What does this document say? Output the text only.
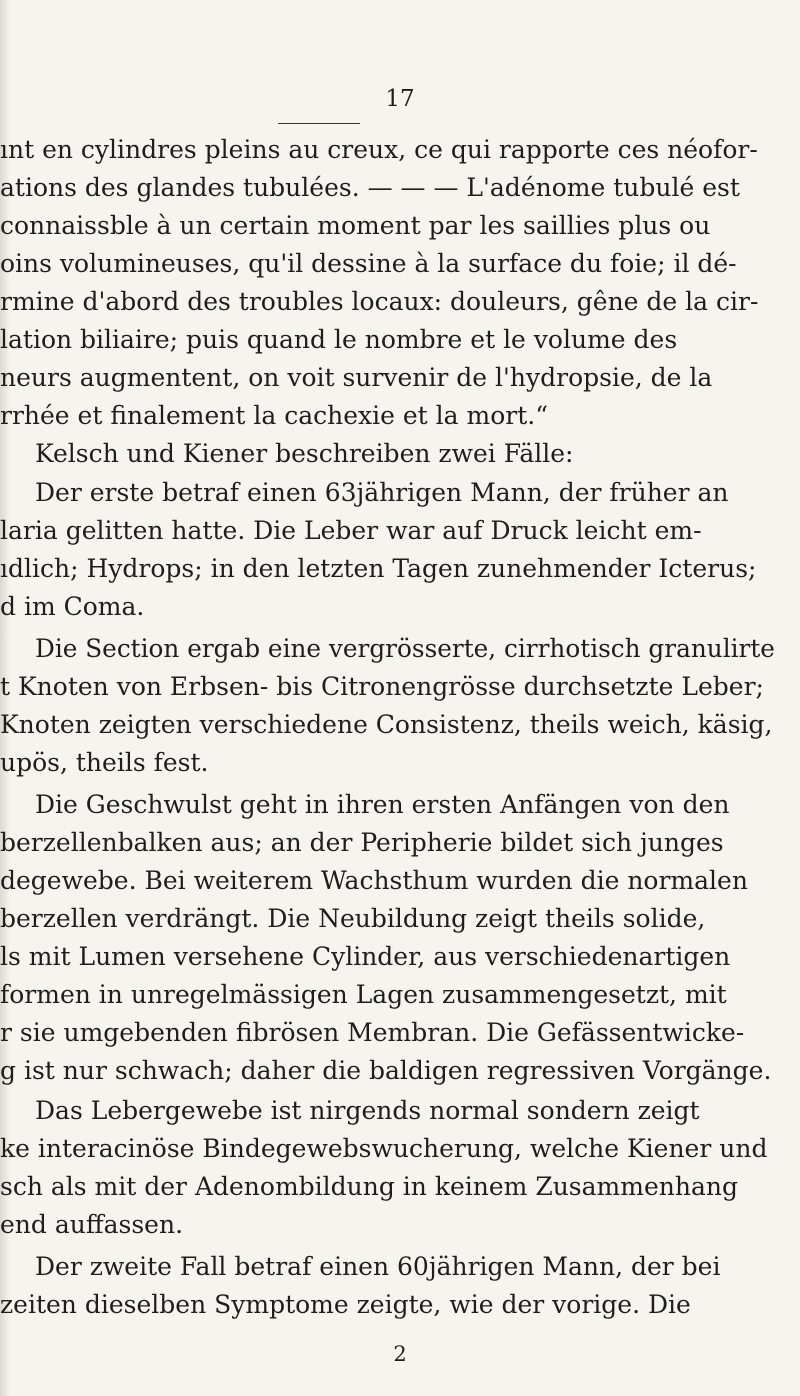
17
ınt en cylindres pleins au creux, ce qui rapporte ces néofor-
ations des glandes tubulées. — — — L'adénome tubulé est
connaissble à un certain moment par les saillies plus ou
oins volumineuses, qu'il dessine à la surface du foie; il dé-
rmine d'abord des troubles locaux: douleurs, gêne de la cir-
lation biliaire; puis quand le nombre et le volume des
neurs augmentent, on voit survenir de l'hydropsie, de la
rrhée et finalement la cachexie et la mort.“
Kelsch und Kiener beschreiben zwei Fälle:
Der erste betraf einen 63jährigen Mann, der früher an
laria gelitten hatte. Die Leber war auf Druck leicht em-
ıdlich; Hydrops; in den letzten Tagen zunehmender Icterus;
d im Coma.
Die Section ergab eine vergrösserte, cirrhotisch granulirte
t Knoten von Erbsen- bis Citronengrösse durchsetzte Leber;
Knoten zeigten verschiedene Consistenz, theils weich, käsig,
upös, theils fest.
Die Geschwulst geht in ihren ersten Anfängen von den
berzellenbalken aus; an der Peripherie bildet sich junges
degewebe. Bei weiterem Wachsthum wurden die normalen
berzellen verdrängt. Die Neubildung zeigt theils solide,
ls mit Lumen versehene Cylinder, aus verschiedenartigen
formen in unregelmässigen Lagen zusammengesetzt, mit
r sie umgebenden fibrösen Membran. Die Gefässentwicke-
g ist nur schwach; daher die baldigen regressiven Vorgänge.
Das Lebergewebe ist nirgends normal sondern zeigt
ke interacinöse Bindegewebswucherung, welche Kiener und
sch als mit der Adenombildung in keinem Zusammenhang
end auffassen.
Der zweite Fall betraf einen 60jährigen Mann, der bei
zeiten dieselben Symptome zeigte, wie der vorige. Die
2
